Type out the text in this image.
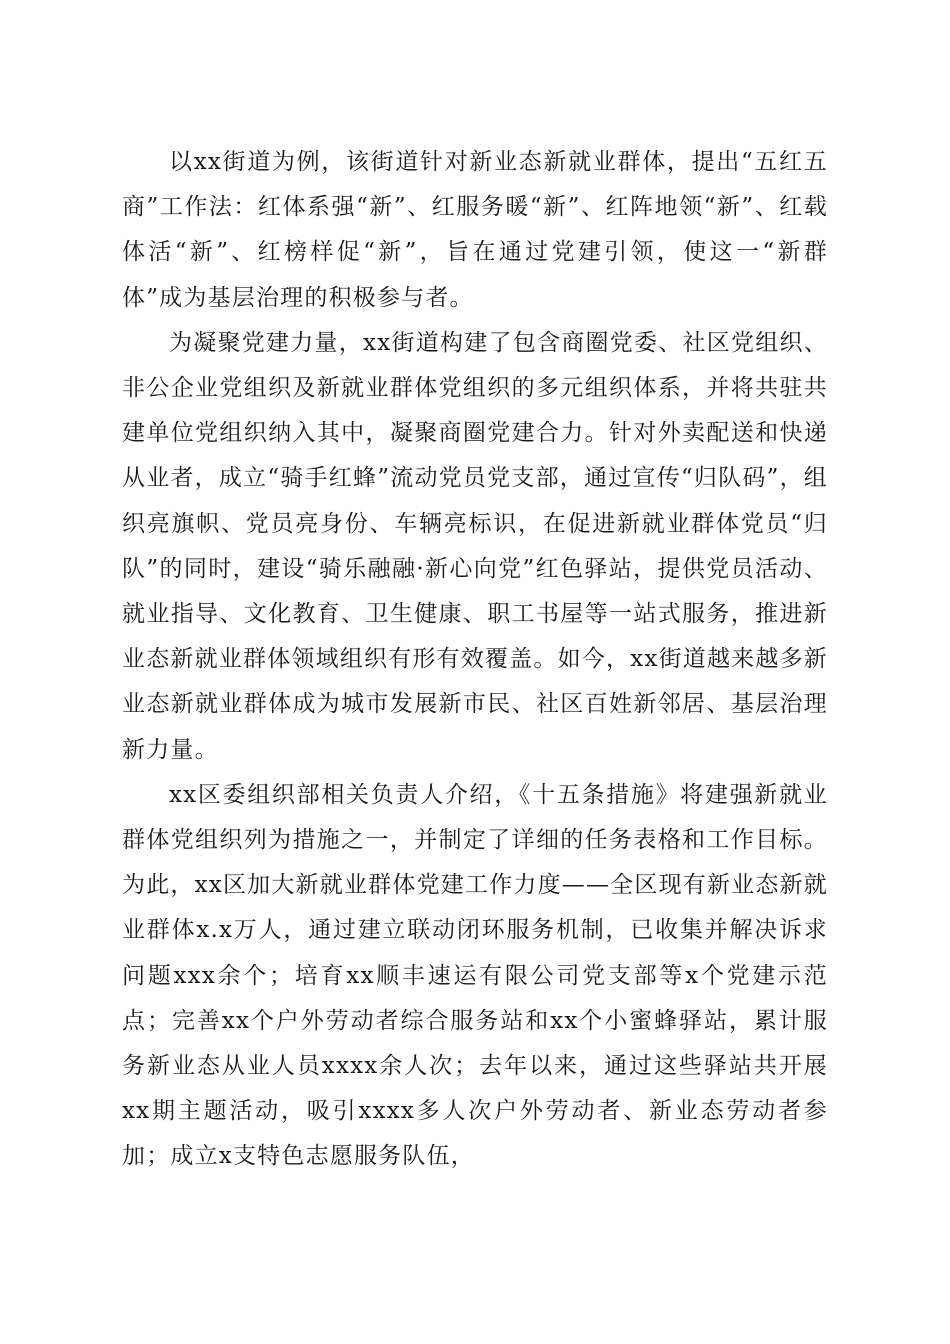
以xx街道为例，该街道针对新业态新就业群体，提出“五红五商”工作法：红体系强“新”、红服务暖“新”、红阵地领“新”、红载体活“新”、红榜样促“新”，旨在通过党建引领，使这一“新群体”成为基层治理的积极参与者。

为凝聚党建力量，xx街道构建了包含商圈党委、社区党组织、非公企业党组织及新就业群体党组织的多元组织体系，并将共驻共建单位党组织纳入其中，凝聚商圈党建合力。针对外卖配送和快递从业者，成立“骑手红蜂”流动党员党支部，通过宣传“归队码”，组织亮旗帜、党员亮身份、车辆亮标识，在促进新就业群体党员“归队”的同时，建设“骑乐融融·新心向党”红色驿站，提供党员活动、就业指导、文化教育、卫生健康、职工书屋等一站式服务，推进新业态新就业群体领域组织有形有效覆盖。如今，xx街道越来越多新业态新就业群体成为城市发展新市民、社区百姓新邻居、基层治理新力量。

xx区委组织部相关负责人介绍，《十五条措施》将建强新就业群体党组织列为措施之一，并制定了详细的任务表格和工作目标。为此，xx区加大新就业群体党建工作力度——全区现有新业态新就业群体x.x万人，通过建立联动闭环服务机制，已收集并解决诉求问题xxx余个；培育xx顺丰速运有限公司党支部等x个党建示范点；完善xx个户外劳动者综合服务站和xx个小蜜蜂驿站，累计服务新业态从业人员xxxx余人次；去年以来，通过这些驿站共开展xx期主题活动，吸引xxxx多人次户外劳动者、新业态劳动者参加；成立x支特色志愿服务队伍，
